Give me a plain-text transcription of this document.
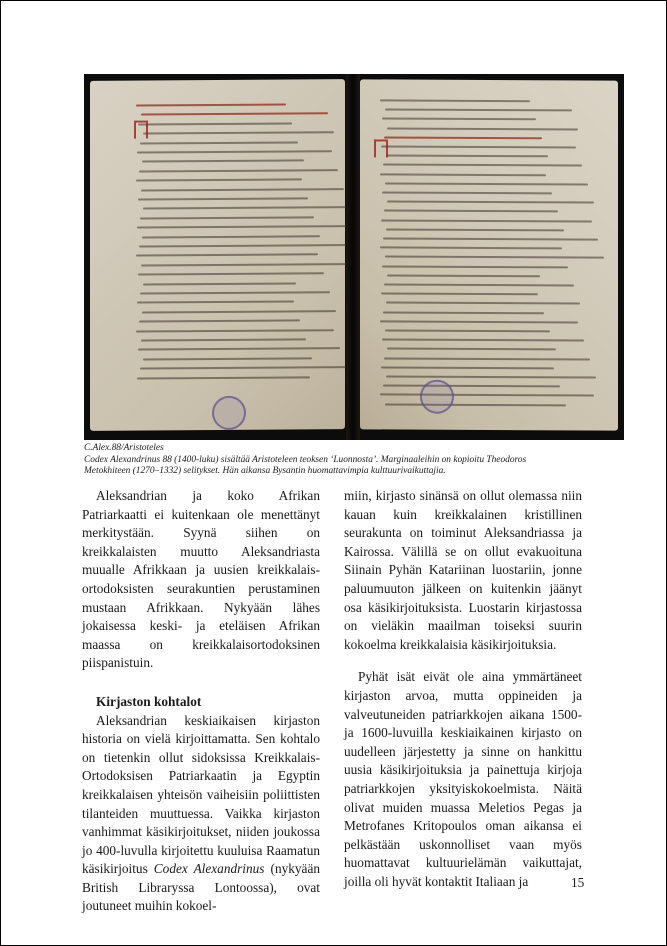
C.Alex.88/Aristoteles
Codex Alexandrinus 88 (1400-luku) sisältää Aristoteleen teoksen ‘Luonnosta’. Marginaaleihin on kopioitu Theodoros
Metokhiteen (1270–1332) selitykset. Hän aikansa Bysantin huomattavimpia kulttuurivaikuttajia.

Aleksandrian ja koko Afrikan Patriarkaatti ei kuitenkaan ole menettänyt merkitystään. Syynä siihen on kreikkalaisten muutto Aleksandriasta muualle Afrikkaan ja uusien kreikkalais-ortodoksisten seurakuntien perustaminen mustaan Afrikkaan. Nykyään lähes jokaisessa keski- ja eteläisen Afrikan maassa on kreikkalaisortodoksinen piispanistuin.

Kirjaston kohtalot

Aleksandrian keskiaikaisen kirjaston historia on vielä kirjoittamatta. Sen kohtalo on tietenkin ollut sidoksissa Kreikkalais-Ortodoksisen Patriarkaatin ja Egyptin kreikkalaisen yhteisön vaiheisiin poliittisten tilanteiden muuttuessa. Vaikka kirjaston vanhimmat käsikirjoitukset, niiden joukossa jo 400-luvulla kirjoitettu kuuluisa Raamatun käsikirjoitus Codex Alexandrinus (nykyään British Libraryssa Lontoossa), ovat joutuneet muihin kokoel-

miin, kirjasto sinänsä on ollut olemassa niin kauan kuin kreikkalainen kristillinen seurakunta on toiminut Aleksandriassa ja Kairossa. Välillä se on ollut evakuoituna Siinain Pyhän Katariinan luostariin, jonne paluumuuton jälkeen on kuitenkin jäänyt osa käsikirjoituksista. Luostarin kirjastossa on vieläkin maailman toiseksi suurin kokoelma kreikkalaisia käsikirjoituksia.

Pyhät isät eivät ole aina ymmärtäneet kirjaston arvoa, mutta oppineiden ja valveutuneiden patriarkkojen aikana 1500- ja 1600-luvuilla keskiaikainen kirjasto on uudelleen järjestetty ja sinne on hankittu uusia käsikirjoituksia ja painettuja kirjoja patriarkkojen yksityiskokoelmista. Näitä olivat muiden muassa Meletios Pegas ja Metrofanes Kritopoulos oman aikansa ei pelkästään uskonnolliset vaan myös huomattavat kultuurielämän vaikuttajat, joilla oli hyvät kontaktit Italiaan ja	15
